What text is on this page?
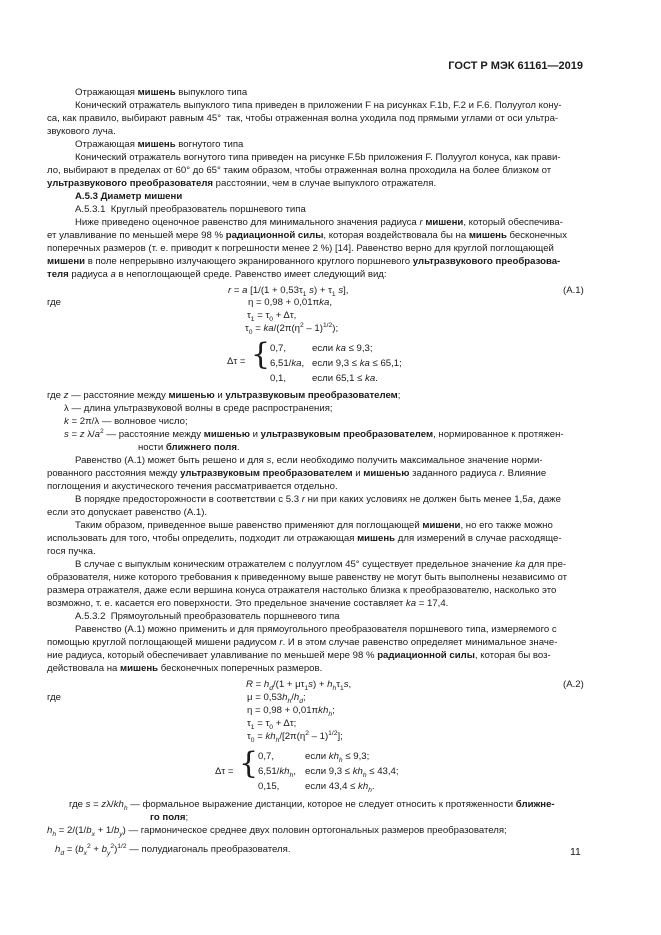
ГОСТ Р МЭК 61161—2019
Отражающая мишень выпуклого типа
Конический отражатель выпуклого типа приведен в приложении F на рисунках F.1b, F.2 и F.6. Полуугол кону-
са, как правило, выбирают равным 45°  так, чтобы отраженная волна уходила под прямыми углами от оси ультра-
звукового луча.
Отражающая мишень вогнутого типа
Конический отражатель вогнутого типа приведен на рисунке F.5b приложения F. Полуугол конуса, как прави-
ло, выбирают в пределах от 60° до 65° таким образом, чтобы отраженная волна проходила на более близком от
ультразвукового преобразователя расстоянии, чем в случае выпуклого отражателя.
А.5.3 Диаметр мишени
А.5.3.1  Круглый преобразователь поршневого типа
Ниже приведено оценочное равенство для минимального значения радиуса r мишени, который обеспечива-
ет улавливание по меньшей мере 98 % радиационной силы, которая воздействовала бы на мишень бесконечных
поперечных размеров (т. е. приводит к погрешности менее 2 %) [14]. Равенство верно для круглой поглощающей
мишени в поле непрерывно излучающего экранированного круглого поршневого ультразвукового преобразова-
теля радиуса a в непоглощающей среде. Равенство имеет следующий вид:
r = a [$1/(1 + 0,53\tau_1$ $s) + \tau_1$ s],	(A.1)
где	η = 0,98 + 0,01πka,
$\tau_1 = \tau_0 + \Delta\tau$,
$\tau_0 = ka/(2\pi(\eta^2 - 1)^{1/2})$;
Δτ = { 0,7,	если ka ≤ 9,3;
6,51/ka, если 9,3 ≤ ka ≤ 65,1;
0,1,	если 65,1 ≤ ka.
где z — расстояние между мишенью и ультразвуковым преобразователем;
λ — длина ультразвуковой волны в среде распространения;
k = 2π/λ — волновое число;
s = z $\lambda/a^2$ — расстояние между мишенью и ультразвуковым преобразователем, нормированное к протяжен-
ности ближнего поля.
Равенство (А.1) может быть решено и для s, если необходимо получить максимальное значение норми-
рованного расстояния между ультразвуковым преобразователем и мишенью заданного радиуса r. Влияние
поглощения и акустического течения рассматривается отдельно.
В порядке предосторожности в соответствии с 5.3 r ни при каких условиях не должен быть менее 1,5a, даже
если это допускает равенство (А.1).
Таким образом, приведенное выше равенство применяют для поглощающей мишени, но его также можно
использовать для того, чтобы определить, подходит ли отражающая мишень для измерений в случае расходяще-
гося пучка.
В случае с выпуклым коническим отражателем с полууглом 45° существует предельное значение ka для пре-
образователя, ниже которого требования к приведенному выше равенству не могут быть выполнены независимо от
размера отражателя, даже если вершина конуса отражателя настолько близка к преобразователю, насколько это
возможно, т. е. касается его поверхности. Это предельное значение составляет ka = 17,4.
А.5.3.2  Прямоугольный преобразователь поршневого типа
Равенство (А.1) можно применить и для прямоугольного преобразователя поршневого типа, измеряемого с
помощью круглой поглощающей мишени радиусом r. И в этом случае равенство определяет минимальное значе-
ние радиуса, который обеспечивает улавливание по меньшей мере 98 % радиационной силы, которая бы воз-
действовала на мишень бесконечных поперечных размеров.
$R = h_d/(1 + \mu\tau_1s) + h_h\tau_1s$,	(A.2)
где	$\mu = 0,53h_h/h_d$;
η = 0,98 + 0,01πkh$_h$;
$\tau_1 = \tau_0 + \Delta\tau$;
$\tau_0 = kh_h/[2\pi(\eta^2 - 1)^{1/2}]$;
Δτ = { 0,7,	если $kh_h \le 9,3$;
$6,51/kh_h$, если $9,3 \le kh_h \le 43,4$;
0,15,	если $43,4 \le kh_h$.
где $s = z\lambda/kh_h$ — формальное выражение дистанции, которое не следует относить к протяженности ближне-
го поля;
$h_h = 2/(1/b_x + 1/b_y)$ — гармоническое среднее двух половин ортогональных размеров преобразователя;
$h_d = (b_x^2 + b_y^2)^{1/2}$ — полудиагональ преобразователя.	11
